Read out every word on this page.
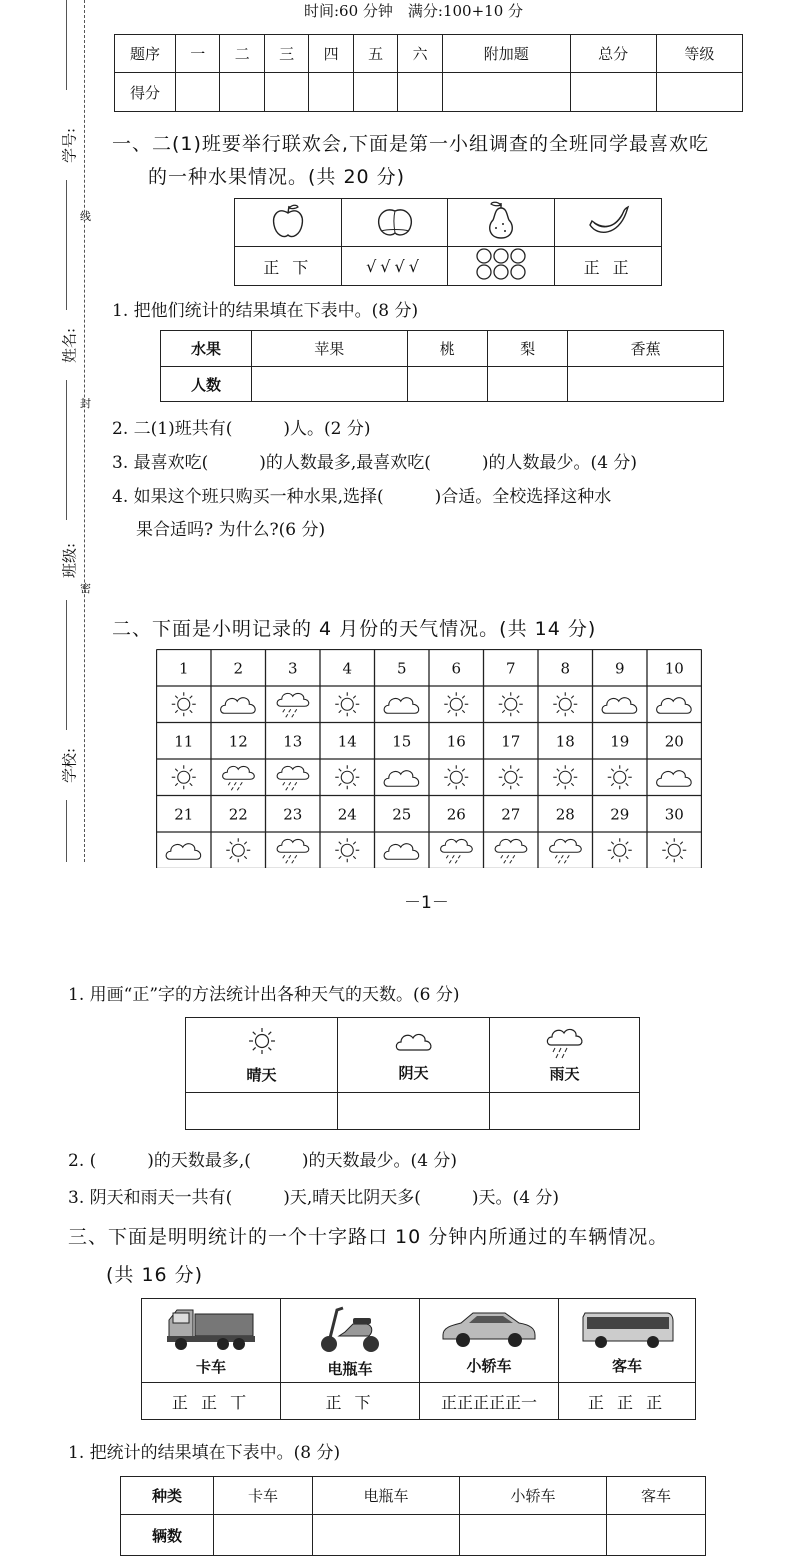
时间:60 分钟　满分:100+10 分
学号:
姓名:
班级:
学校:
线
封
密
题序	一	二	三	四	五	六	附加题	总分	等级
得分									
一、二(1)班要举行联欢会,下面是第一小组调查的全班同学最喜欢吃
的一种水果情况。(共 20 分)

正 下	√√√√		正 正
1. 把他们统计的结果填在下表中。(8 分)
水果	苹果	桃	梨	香蕉
人数				
2. 二(1)班共有(　　　)人。(2 分)
3. 最喜欢吃(　　　)的人数最多,最喜欢吃(　　　)的人数最少。(4 分)
4. 如果这个班只购买一种水果,选择(　　　)合适。全校选择这种水
果合适吗? 为什么?(6 分)
二、下面是小明记录的 4 月份的天气情况。(共 14 分)
1	2	3	4	5	6	7	8	9	10
11 12 13 14 15 16 17 18 19 20
21 22 23 24 25 26 27 28 29 30
－1－
1. 用画“正”字的方法统计出各种天气的天数。(6 分)
晴天	阴天	雨天

2. (　　　)的天数最多,(　　　)的天数最少。(4 分)
3. 阴天和雨天一共有(　　　)天,晴天比阴天多(　　　)天。(4 分)
三、下面是明明统计的一个十字路口 10 分钟内所通过的车辆情况。
(共 16 分)
卡车	电瓶车	小轿车	客车

正 正 丅	正 下	正正正正正一	正 正 正
1. 把统计的结果填在下表中。(8 分)
种类	卡车	电瓶车	小轿车	客车
辆数				
